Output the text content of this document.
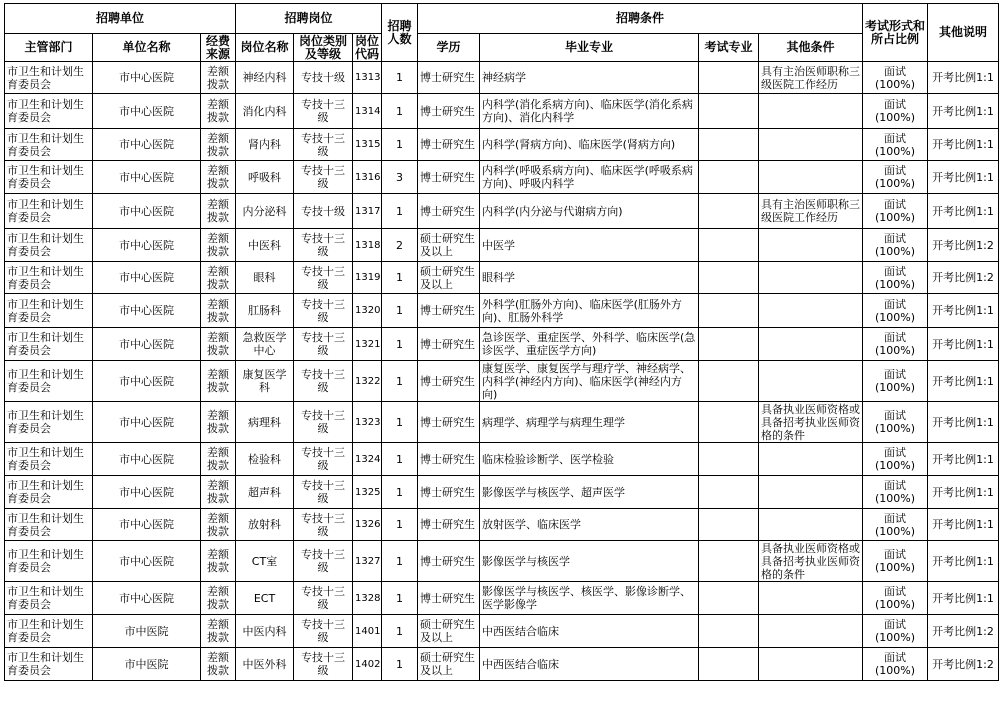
招聘单位			招聘岗位			招聘人数	招聘条件				考试形式和所占比例	其他说明
主管部门	单位名称	经费来源	岗位名称	岗位类别及等级	岗位代码		学历	毕业专业	考试专业	其他条件		
市卫生和计划生育委员会	市中心医院	差额拨款	神经内科	专技十级	1313	1	博士研究生	神经病学		具有主治医师职称三级医院工作经历	面试(100%)	开考比例1:1
市卫生和计划生育委员会	市中心医院	差额拨款	消化内科	专技十三级	1314	1	博士研究生	内科学(消化系病方向)、临床医学(消化系病方向)、消化内科学			面试(100%)	开考比例1:1
市卫生和计划生育委员会	市中心医院	差额拨款	肾内科	专技十三级	1315	1	博士研究生	内科学(肾病方向)、临床医学(肾病方向)			面试(100%)	开考比例1:1
市卫生和计划生育委员会	市中心医院	差额拨款	呼吸科	专技十三级	1316	3	博士研究生	内科学(呼吸系病方向)、临床医学(呼吸系病方向)、呼吸内科学			面试(100%)	开考比例1:1
市卫生和计划生育委员会	市中心医院	差额拨款	内分泌科	专技十级	1317	1	博士研究生	内科学(内分泌与代谢病方向)		具有主治医师职称三级医院工作经历	面试(100%)	开考比例1:1
市卫生和计划生育委员会	市中心医院	差额拨款	中医科	专技十三级	1318	2	硕士研究生及以上	中医学			面试(100%)	开考比例1:2
市卫生和计划生育委员会	市中心医院	差额拨款	眼科	专技十三级	1319	1	硕士研究生及以上	眼科学			面试(100%)	开考比例1:2
市卫生和计划生育委员会	市中心医院	差额拨款	肛肠科	专技十三级	1320	1	博士研究生	外科学(肛肠外方向)、临床医学(肛肠外方向)、肛肠外科学			面试(100%)	开考比例1:1
市卫生和计划生育委员会	市中心医院	差额拨款	急救医学中心	专技十三级	1321	1	博士研究生	急诊医学、重症医学、外科学、临床医学(急诊医学、重症医学方向)			面试(100%)	开考比例1:1
市卫生和计划生育委员会	市中心医院	差额拨款	康复医学科	专技十三级	1322	1	博士研究生	康复医学、康复医学与理疗学、神经病学、内科学(神经内方向)、临床医学(神经内方向)			面试(100%)	开考比例1:1
市卫生和计划生育委员会	市中心医院	差额拨款	病理科	专技十三级	1323	1	博士研究生	病理学、病理学与病理生理学		具备执业医师资格或具备招考执业医师资格的条件	面试(100%)	开考比例1:1
市卫生和计划生育委员会	市中心医院	差额拨款	检验科	专技十三级	1324	1	博士研究生	临床检验诊断学、医学检验			面试(100%)	开考比例1:1
市卫生和计划生育委员会	市中心医院	差额拨款	超声科	专技十三级	1325	1	博士研究生	影像医学与核医学、超声医学			面试(100%)	开考比例1:1
市卫生和计划生育委员会	市中心医院	差额拨款	放射科	专技十三级	1326	1	博士研究生	放射医学、临床医学			面试(100%)	开考比例1:1
市卫生和计划生育委员会	市中心医院	差额拨款	CT室	专技十三级	1327	1	博士研究生	影像医学与核医学		具备执业医师资格或具备招考执业医师资格的条件	面试(100%)	开考比例1:1
市卫生和计划生育委员会	市中心医院	差额拨款	ECT	专技十三级	1328	1	博士研究生	影像医学与核医学、核医学、影像诊断学、医学影像学			面试(100%)	开考比例1:1
市卫生和计划生育委员会	市中医院	差额拨款	中医内科	专技十三级	1401	1	硕士研究生及以上	中西医结合临床			面试(100%)	开考比例1:2
市卫生和计划生育委员会	市中医院	差额拨款	中医外科	专技十三级	1402	1	硕士研究生及以上	中西医结合临床			面试(100%)	开考比例1:2
